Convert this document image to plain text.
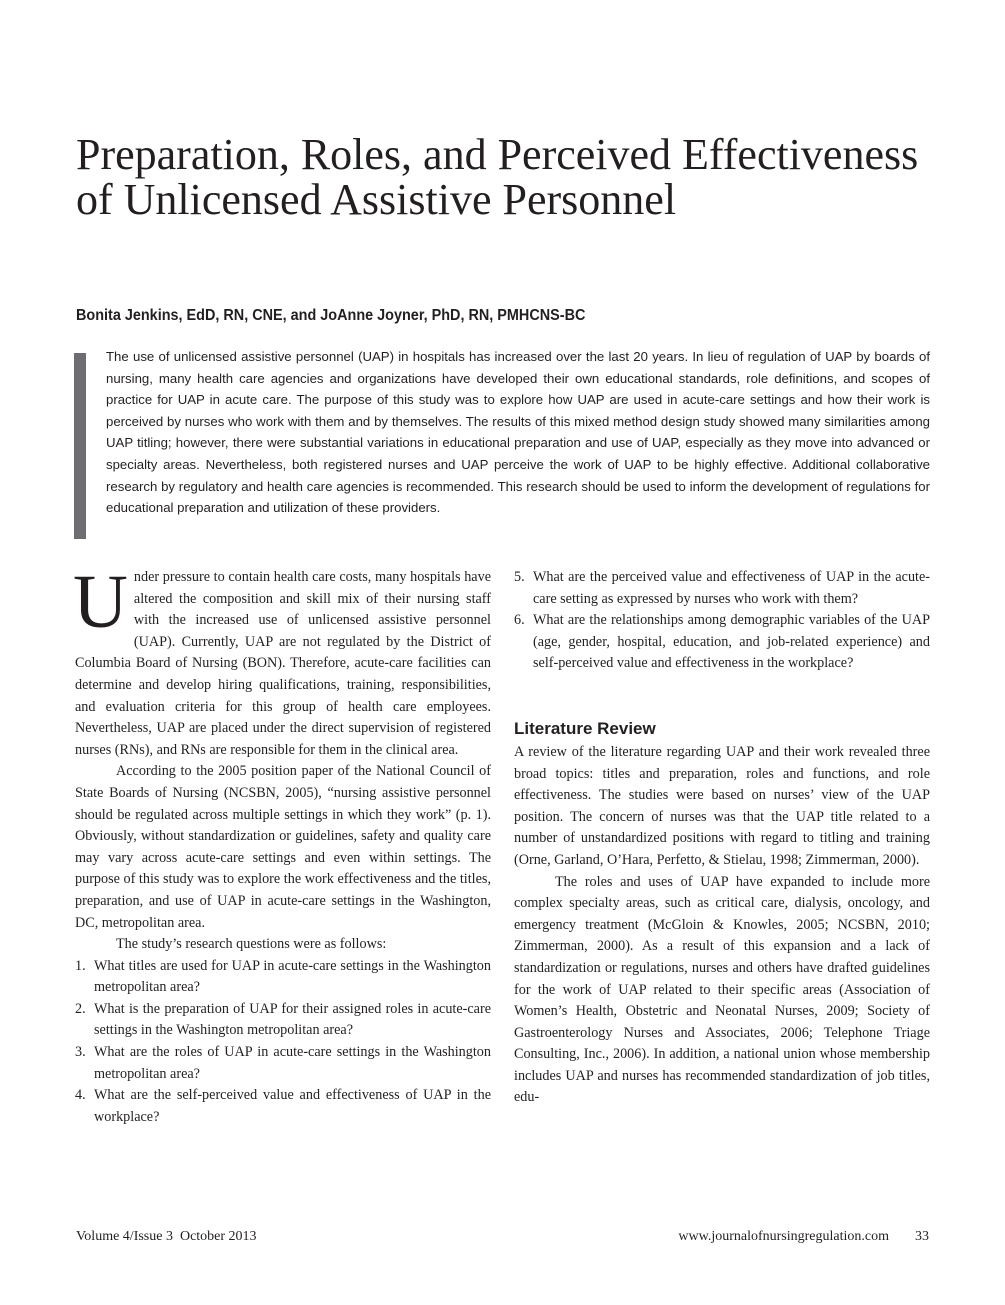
Preparation, Roles, and Perceived Effectiveness of Unlicensed Assistive Personnel
Bonita Jenkins, EdD, RN, CNE, and JoAnne Joyner, PhD, RN, PMHCNS-BC

The use of unlicensed assistive personnel (UAP) in hospitals has increased over the last 20 years. In lieu of regulation of UAP by boards of nursing, many health care agencies and organizations have developed their own educational standards, role definitions, and scopes of practice for UAP in acute care. The purpose of this study was to explore how UAP are used in acute-care settings and how their work is perceived by nurses who work with them and by themselves. The results of this mixed method design study showed many similarities among UAP titling; however, there were substantial variations in educational preparation and use of UAP, especially as they move into advanced or specialty areas. Nevertheless, both registered nurses and UAP perceive the work of UAP to be highly effective. Additional collaborative research by regulatory and health care agencies is recommended. This research should be used to inform the development of regulations for educational preparation and utilization of these providers.

Under pressure to contain health care costs, many hospitals have altered the composition and skill mix of their nursing staff with the increased use of unlicensed assistive personnel (UAP). Currently, UAP are not regulated by the District of Columbia Board of Nursing (BON). Therefore, acute-care facilities can determine and develop hiring qualifications, training, responsibilities, and evaluation criteria for this group of health care employees. Nevertheless, UAP are placed under the direct supervision of registered nurses (RNs), and RNs are responsible for them in the clinical area.

According to the 2005 position paper of the National Council of State Boards of Nursing (NCSBN, 2005), “nursing assistive personnel should be regulated across multiple settings in which they work” (p. 1). Obviously, without standardization or guidelines, safety and quality care may vary across acute-care settings and even within settings. The purpose of this study was to explore the work effectiveness and the titles, preparation, and use of UAP in acute-care settings in the Washington, DC, metropolitan area.

The study’s research questions were as follows:

1. What titles are used for UAP in acute-care settings in the Washington metropolitan area?
2. What is the preparation of UAP for their assigned roles in acute-care settings in the Washington metropolitan area?
3. What are the roles of UAP in acute-care settings in the Washington metropolitan area?
4. What are the self-perceived value and effectiveness of UAP in the workplace?
5. What are the perceived value and effectiveness of UAP in the acute-care setting as expressed by nurses who work with them?
6. What are the relationships among demographic variables of the UAP (age, gender, hospital, education, and job-related experience) and self-perceived value and effectiveness in the workplace?
Literature Review

A review of the literature regarding UAP and their work revealed three broad topics: titles and preparation, roles and functions, and role effectiveness. The studies were based on nurses’ view of the UAP position. The concern of nurses was that the UAP title related to a number of unstandardized positions with regard to titling and training (Orne, Garland, O’Hara, Perfetto, & Stielau, 1998; Zimmerman, 2000).

The roles and uses of UAP have expanded to include more complex specialty areas, such as critical care, dialysis, oncology, and emergency treatment (McGloin & Knowles, 2005; NCSBN, 2010; Zimmerman, 2000). As a result of this expansion and a lack of standardization or regulations, nurses and others have drafted guidelines for the work of UAP related to their specific areas (Association of Women’s Health, Obstetric and Neonatal Nurses, 2009; Society of Gastroenterology Nurses and Associates, 2006; Telephone Triage Consulting, Inc., 2006). In addition, a national union whose membership includes UAP and nurses has recommended standardization of job titles, edu-

Volume 4/Issue 3  October 2013	www.journalofnursingregulation.com 33
